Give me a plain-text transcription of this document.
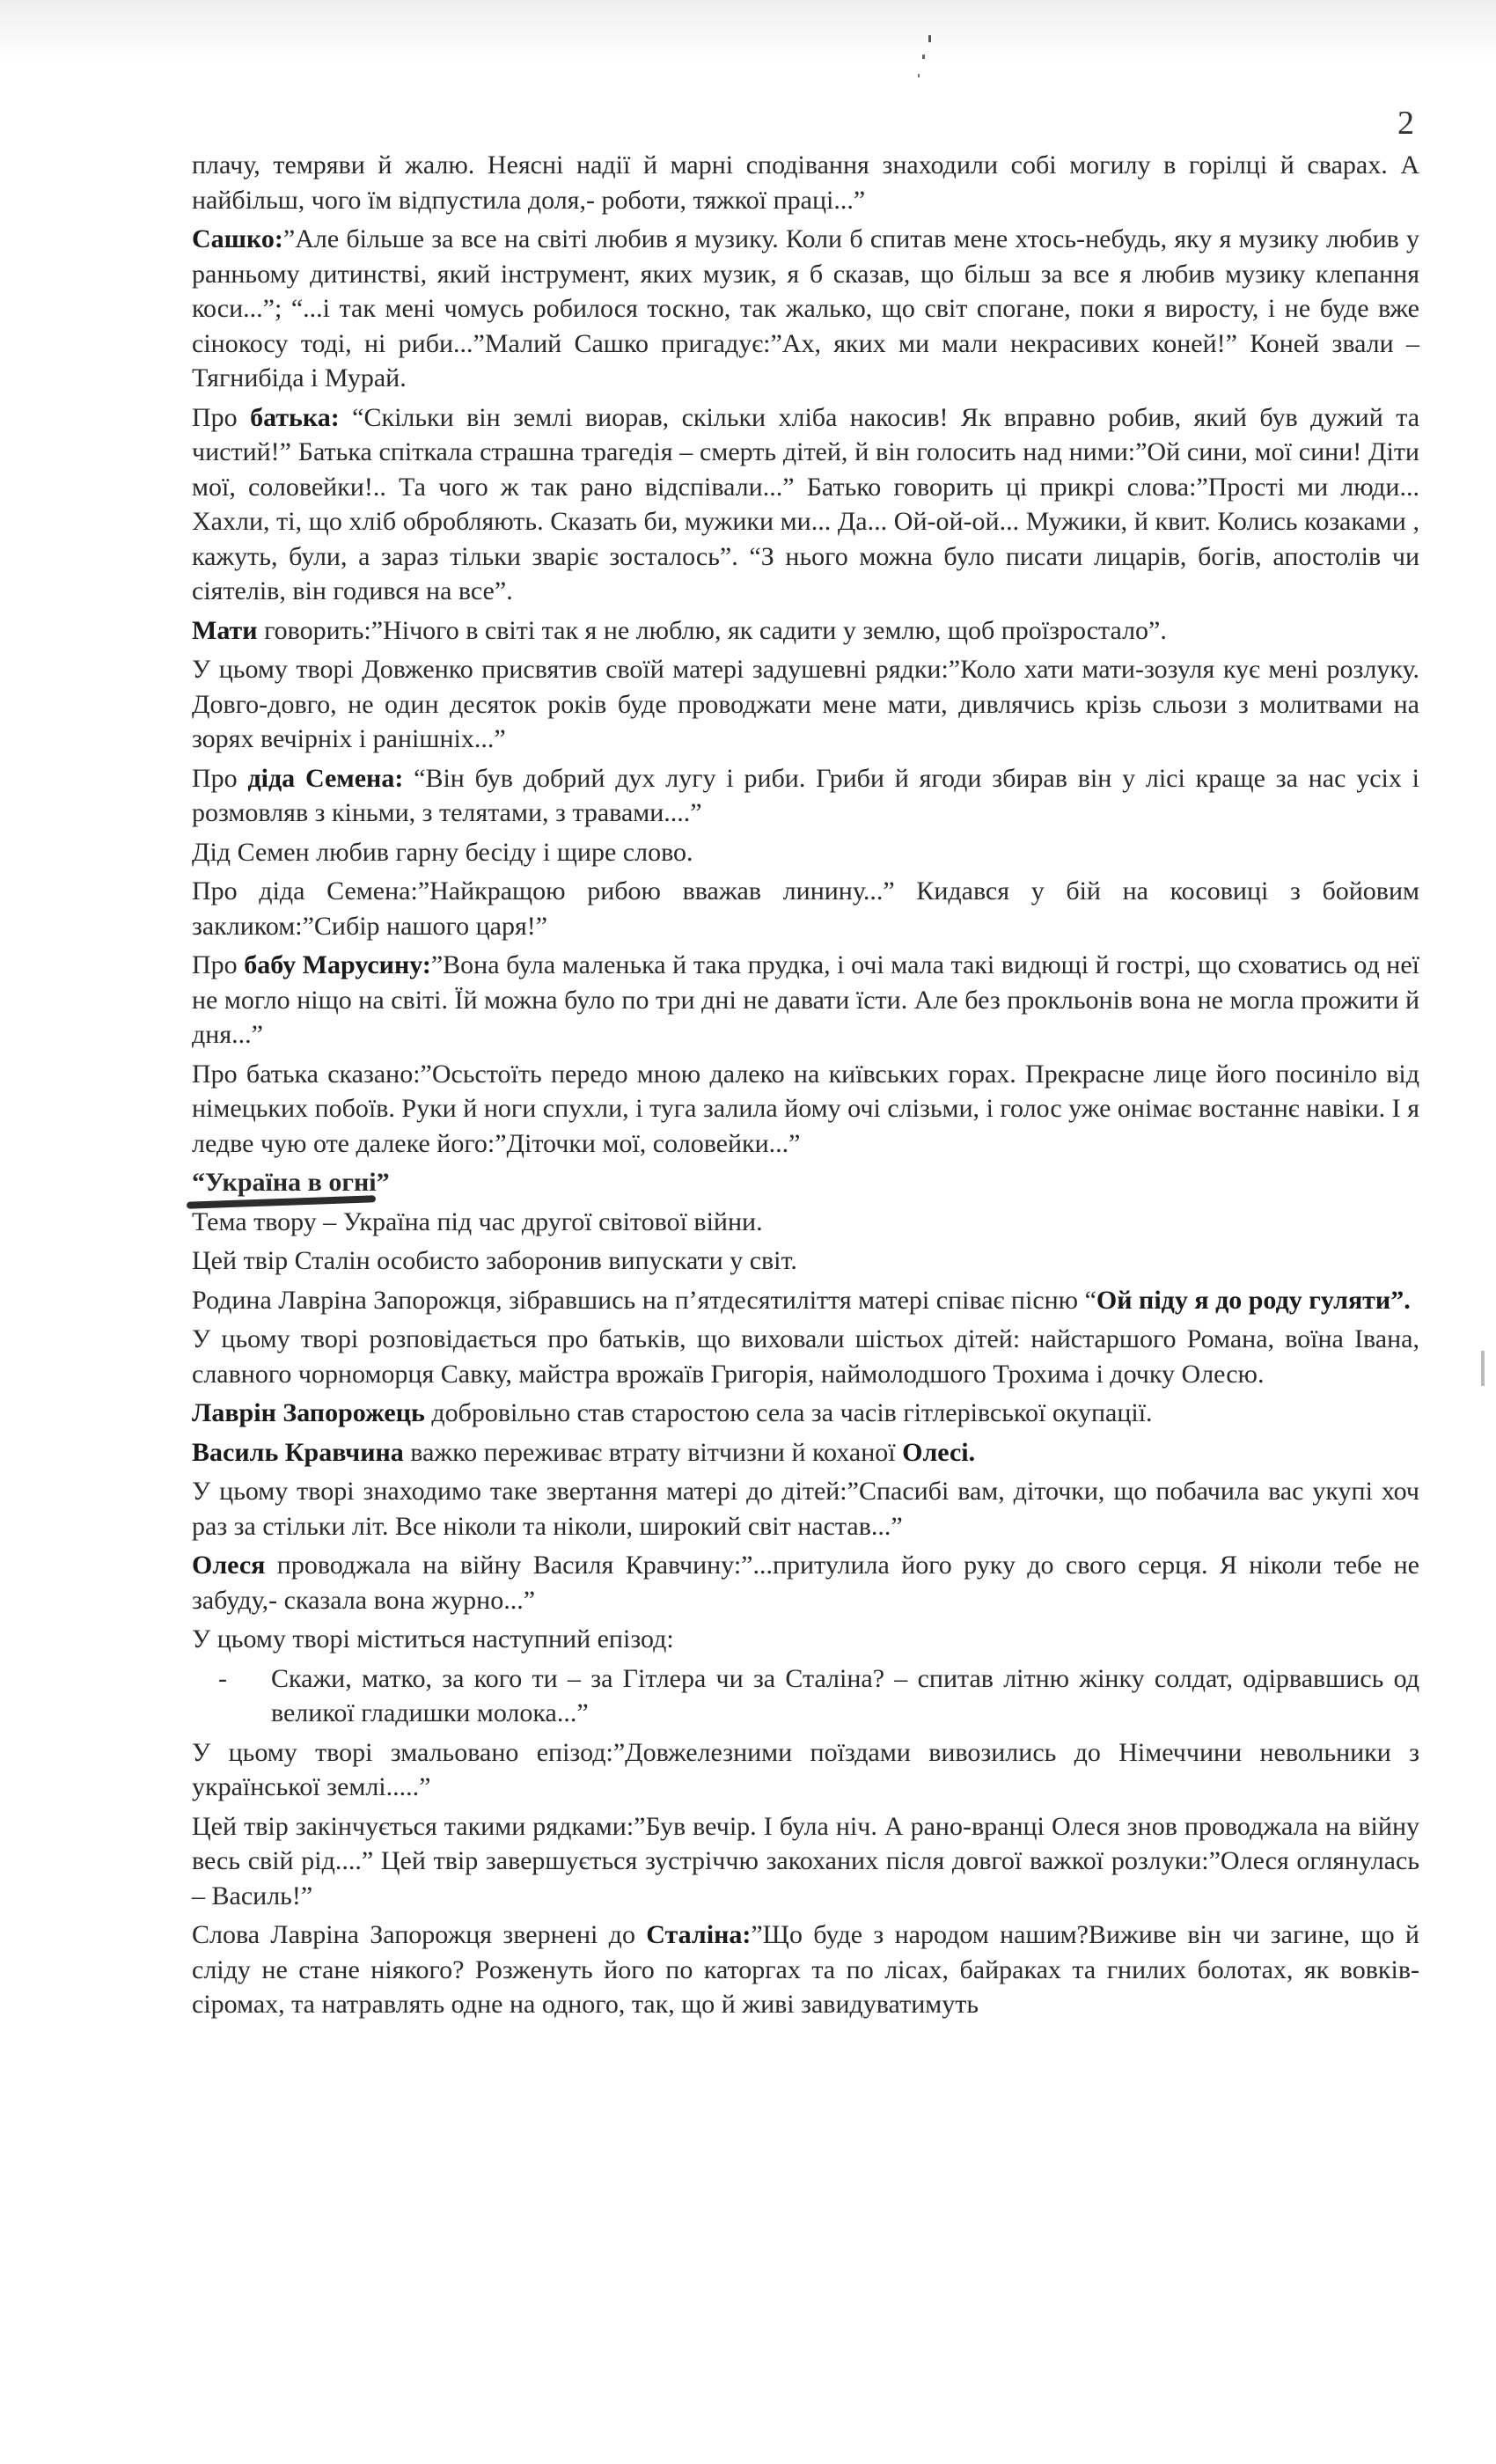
2

плачу, темряви й жалю. Неясні надії й марні сподівання знаходили собі могилу в горілці й сварах. А найбільш, чого їм відпустила доля,- роботи, тяжкої праці...”

Сашко:”Але більше за все на світі любив я музику. Коли б спитав мене хтось-небудь, яку я музику любив у ранньому дитинстві, який інструмент, яких музик, я б сказав, що більш за все я любив музику клепання коси...”; “...і так мені чомусь робилося тоскно, так жалько, що світ спогане, поки я виросту, і не буде вже сінокосу тоді, ні риби...”Малий Сашко пригадує:”Ах, яких ми мали некрасивих коней!” Коней звали – Тягнибіда і Мурай.

Про батька: “Скільки він землі виорав, скільки хліба накосив! Як вправно робив, який був дужий та чистий!” Батька спіткала страшна трагедія – смерть дітей, й він голосить над ними:”Ой сини, мої сини! Діти мої, соловейки!.. Та чого ж так рано відспівали...” Батько говорить ці прикрі слова:”Прості ми люди... Хахли, ті, що хліб обробляють. Сказать би, мужики ми... Да... Ой-ой-ой... Мужики, й квит. Колись козаками , кажуть, були, а зараз тільки зваріє зосталось”. “З нього можна було писати лицарів, богів, апостолів чи сіятелів, він годився на все”.

Мати говорить:”Нічого в світі так я не люблю, як садити у землю, щоб проїзростало”.

У цьому творі Довженко присвятив своїй матері задушевні рядки:”Коло хати мати-зозуля кує мені розлуку. Довго-довго, не один десяток років буде проводжати мене мати, дивлячись крізь сльози з молитвами на зорях вечірніх і ранішніх...”

Про діда Семена: “Він був добрий дух лугу і риби. Гриби й ягоди збирав він у лісі краще за нас усіх і розмовляв з кіньми, з телятами, з травами....”

Дід Семен любив гарну бесіду і щире слово.

Про діда Семена:”Найкращою рибою вважав линину...” Кидався у бій на косовиці з бойовим закликом:”Сибір нашого царя!”

Про бабу Марусину:”Вона була маленька й така прудка, і очі мала такі видющі й гострі, що сховатись од неї не могло ніщо на світі. Їй можна було по три дні не давати їсти. Але без прокльонів вона не могла прожити й дня...”

Про батька сказано:”Осьстоїть передо мною далеко на київських горах. Прекрасне лице його посиніло від німецьких побоїв. Руки й ноги спухли, і туга залила йому очі слізьми, і голос уже онімає востаннє навіки. І я ледве чую оте далеке його:”Діточки мої, соловейки...”

“Україна в огні”

Тема твору – Україна під час другої світової війни.

Цей твір Сталін особисто заборонив випускати у світ.

Родина Лавріна Запорожця, зібравшись на п’ятдесятиліття матері співає пісню “Ой піду я до роду гуляти”.

У цьому творі розповідається про батьків, що виховали шістьох дітей: найстаршого Романа, воїна Івана, славного чорноморця Савку, майстра врожаїв Григорія, наймолодшого Трохима і дочку Олесю.

Лаврін Запорожець добровільно став старостою села за часів гітлерівської окупації.

Василь Кравчина важко переживає втрату вітчизни й коханої Олесі.

У цьому творі знаходимо таке звертання матері до дітей:”Спасибі вам, діточки, що побачила вас укупі хоч раз за стільки літ. Все ніколи та ніколи, широкий світ настав...”

Олеся проводжала на війну Василя Кравчину:”...притулила його руку до свого серця. Я ніколи тебе не забуду,- сказала вона журно...”

У цьому творі міститься наступний епізод:

-	Скажи, матко, за кого ти – за Гітлера чи за Сталіна? – спитав літню жінку солдат, одірвавшись од великої гладишки молока...”

У цьому творі змальовано епізод:”Довжелезними поїздами вивозились до Німеччини невольники з української землі.....”

Цей твір закінчується такими рядками:”Був вечір. І була ніч. А рано-вранці Олеся знов проводжала на війну весь свій рід....” Цей твір завершується зустріччю закоханих після довгої важкої розлуки:”Олеся оглянулась – Василь!”

Слова Лавріна Запорожця звернені до Сталіна:”Що буде з народом нашим?Виживе він чи загине, що й сліду не стане ніякого? Розженуть його по каторгах та по лісах, байраках та гнилих болотах, як вовків-сіромах, та натравлять одне на одного, так, що й живі завидуватимуть
